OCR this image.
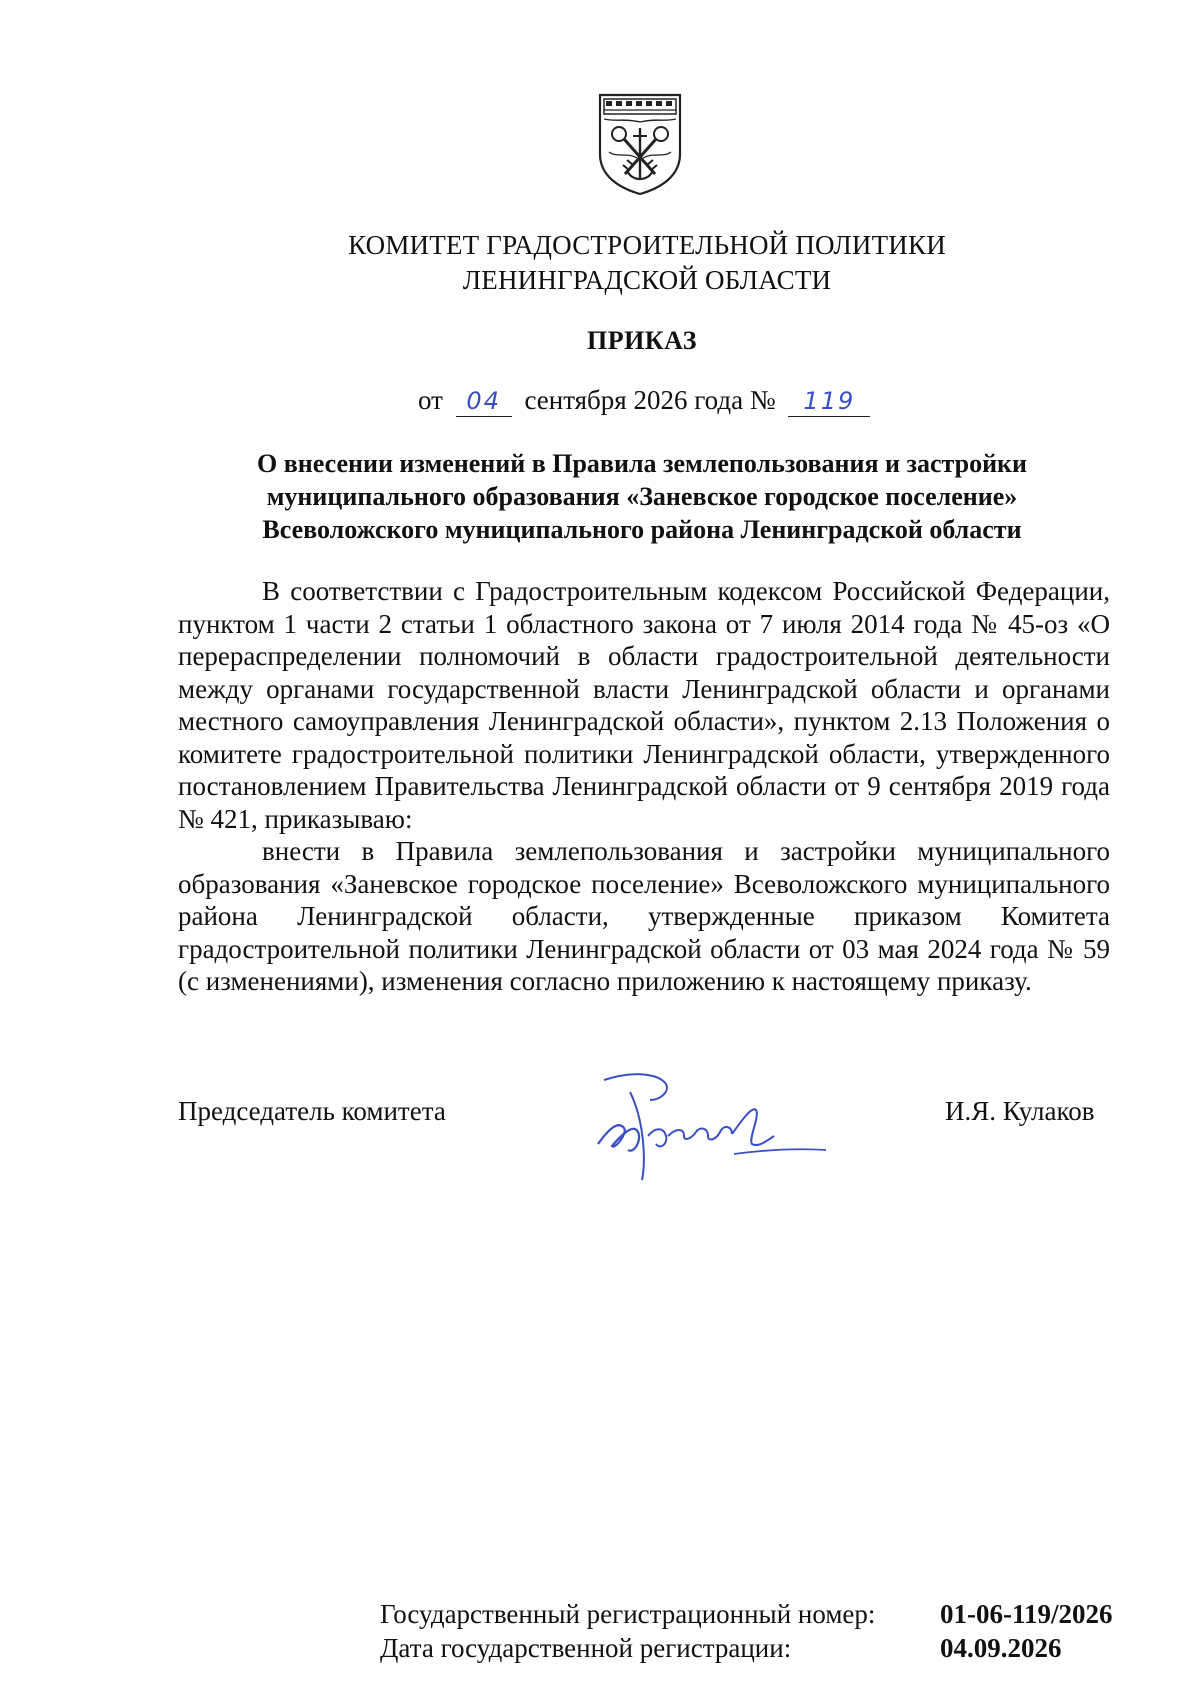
КОМИТЕТ ГРАДОСТРОИТЕЛЬНОЙ ПОЛИТИКИ
ЛЕНИНГРАДСКОЙ ОБЛАСТИ
ПРИКАЗ
от 04 сентября 2026 года № 119
О внесении изменений в Правила землепользования и застройки
муниципального образования «Заневское городское поселение»
Всеволожского муниципального района Ленинградской области

В соответствии с Градостроительным кодексом Российской Федерации, пунктом 1 части 2 статьи 1 областного закона от 7 июля 2014 года № 45-оз «О перераспределении полномочий в области градостроительной деятельности между органами государственной власти Ленинградской области и органами местного самоуправления Ленинградской области», пунктом 2.13 Положения о комитете градостроительной политики Ленинградской области, утвержденного постановлением Правительства Ленинградской области от 9 сентября 2019 года № 421, приказываю:

внести в Правила землепользования и застройки муниципального образования «Заневское городское поселение» Всеволожского муниципального района Ленинградской области, утвержденные приказом Комитета градостроительной политики Ленинградской области от 03 мая 2024 года № 59 (с изменениями), изменения согласно приложению к настоящему приказу.

Председатель комитета	И.Я. Кулаков
Государственный регистрационный номер:	01-06-119/2026
Дата государственной регистрации:	04.09.2026
